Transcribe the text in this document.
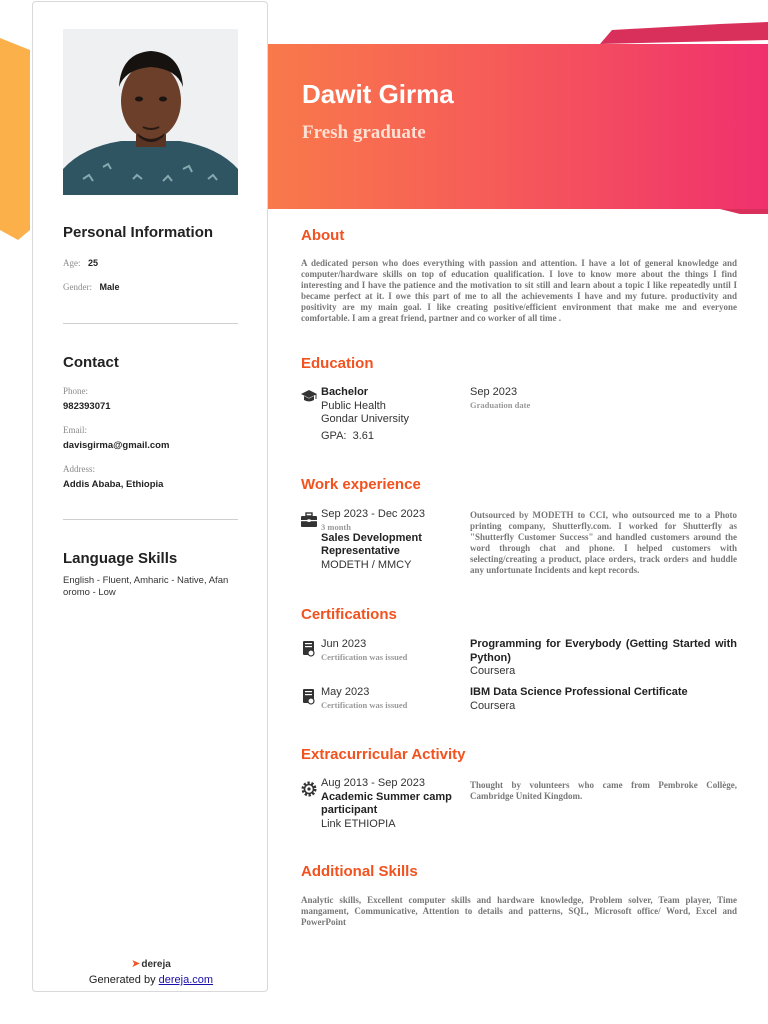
Dawit Girma
Fresh graduate
Personal Information
Age: 25
Gender: Male
Contact
Phone:
982393071
Email:
davisgirma@gmail.com
Address:
Addis Ababa, Ethiopia
Language Skills
English - Fluent, Amharic - Native, Afan oromo - Low
➤dereja
Generated by dereja.com
About
A dedicated person who does everything with passion and attention. I have a lot of general knowledge and computer/hardware skills on top of education qualification. I love to know more about the things I find interesting and I have the patience and the motivation to sit still and learn about a topic I like repeatedly until I became perfect at it. I owe this part of me to all the achievements I have and my future. productivity and positivity are my main goal. I like creating positive/efficient environment that make me and everyone comfortable. I am a great friend, partner and co worker of all time .
Education
Bachelor
Public Health
Gondar University
GPA: 3.61
Sep 2023
Graduation date
Work experience
Sep 2023 - Dec 2023
3 month
Sales Development Representative
MODETH / MMCY
Outsourced by MODETH to CCI, who outsourced me to a Photo printing company, Shutterfly.com. I worked for Shutterfly as "Shutterfly Customer Success" and handled customers around the word through chat and phone. I helped customers with selecting/creating a product, place orders, track orders and huddle any unfortunate Incidents and kept records.
Certifications
Jun 2023
Certification was issued
Programming for Everybody (Getting Started with Python)
Coursera
May 2023
Certification was issued
IBM Data Science Professional Certificate
Coursera
Extracurricular Activity
Aug 2013 - Sep 2023
Academic Summer camp participant
Link ETHIOPIA
Thought by volunteers who came from Pembroke Collège, Cambridge United Kingdom.
Additional Skills
Analytic skills, Excellent computer skills and hardware knowledge, Problem solver, Team player, Time mangament, Communicative, Attention to details and patterns, SQL, Microsoft office/ Word, Excel and PowerPoint
